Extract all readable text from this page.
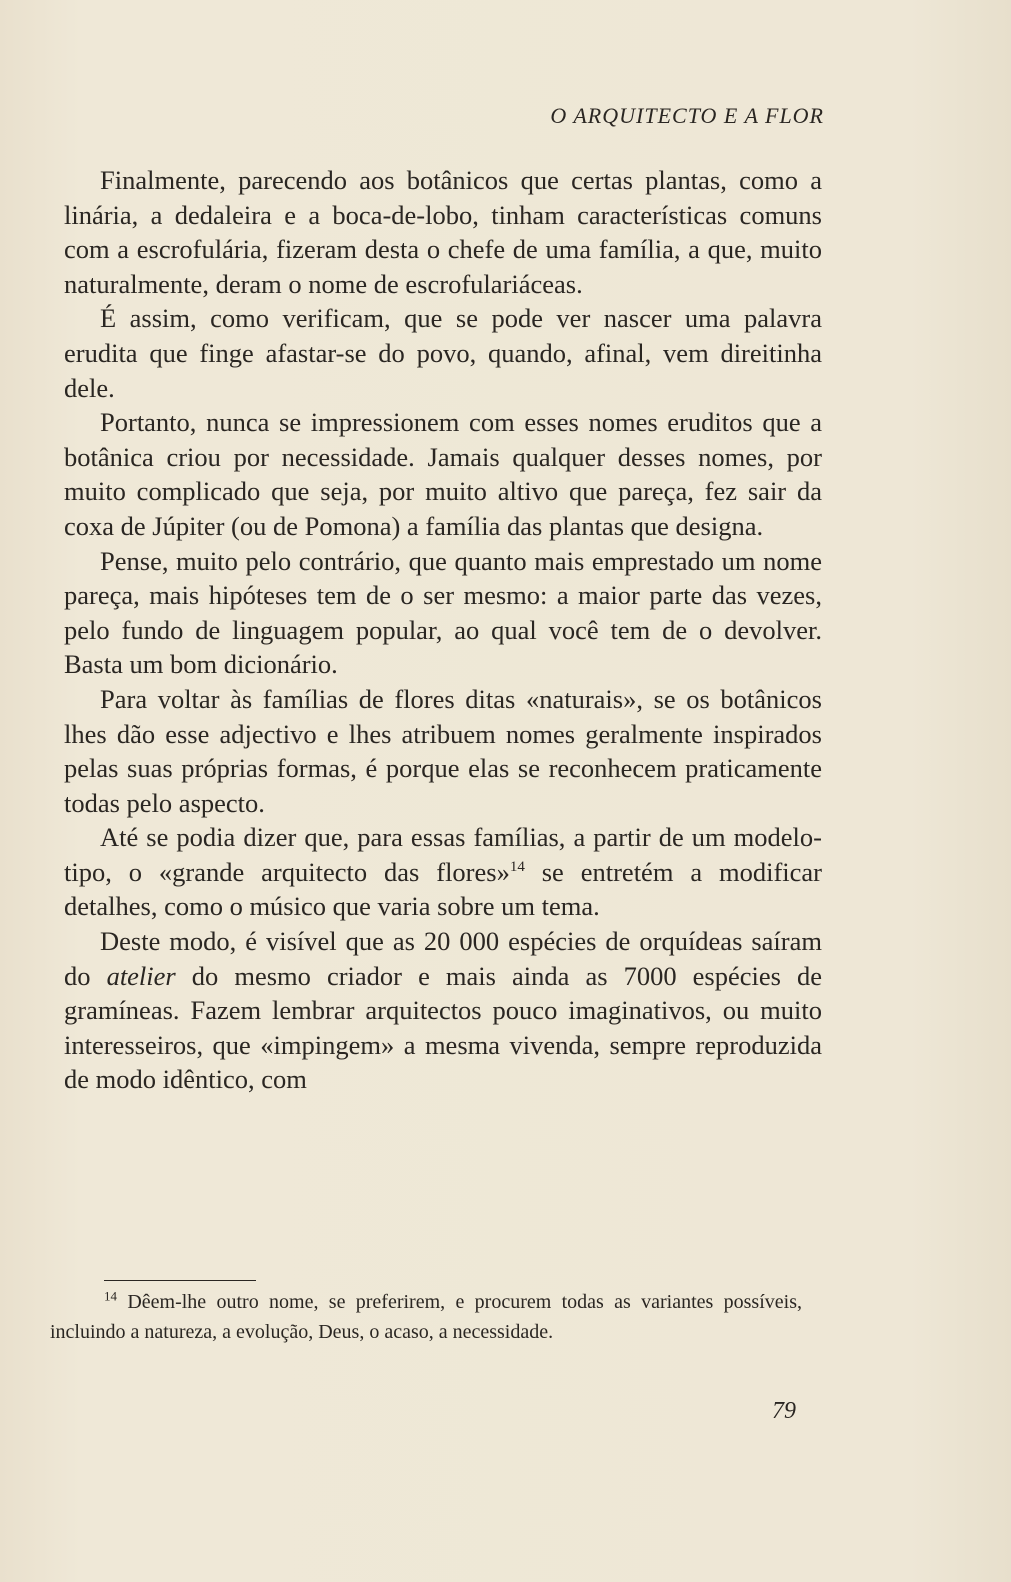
O ARQUITECTO E A FLOR

Finalmente, parecendo aos botânicos que certas plantas, como a linária, a dedaleira e a boca-de-lobo, tinham características comuns com a escrofulária, fizeram desta o chefe de uma família, a que, muito naturalmente, deram o nome de escrofulariáceas.

É assim, como verificam, que se pode ver nascer uma palavra erudita que finge afastar-se do povo, quando, afinal, vem direitinha dele.

Portanto, nunca se impressionem com esses nomes eruditos que a botânica criou por necessidade. Jamais qualquer desses nomes, por muito complicado que seja, por muito altivo que pareça, fez sair da coxa de Júpiter (ou de Pomona) a família das plantas que designa.

Pense, muito pelo contrário, que quanto mais emprestado um nome pareça, mais hipóteses tem de o ser mesmo: a maior parte das vezes, pelo fundo de linguagem popular, ao qual você tem de o devolver. Basta um bom dicionário.

Para voltar às famílias de flores ditas «naturais», se os botânicos lhes dão esse adjectivo e lhes atribuem nomes geralmente inspirados pelas suas próprias formas, é porque elas se reconhecem praticamente todas pelo aspecto.

Até se podia dizer que, para essas famílias, a partir de um modelo-tipo, o «grande arquitecto das flores»$^{14}$ se entretém a modificar detalhes, como o músico que varia sobre um tema.

Deste modo, é visível que as 20 000 espécies de orquídeas saíram do atelier do mesmo criador e mais ainda as 7000 espécies de gramíneas. Fazem lembrar arquitectos pouco imaginativos, ou muito interesseiros, que «impingem» a mesma vivenda, sempre reproduzida de modo idêntico, com

$^{14}$ Dêem-lhe outro nome, se preferirem, e procurem todas as variantes possíveis, incluindo a natureza, a evolução, Deus, o acaso, a necessidade.
79
